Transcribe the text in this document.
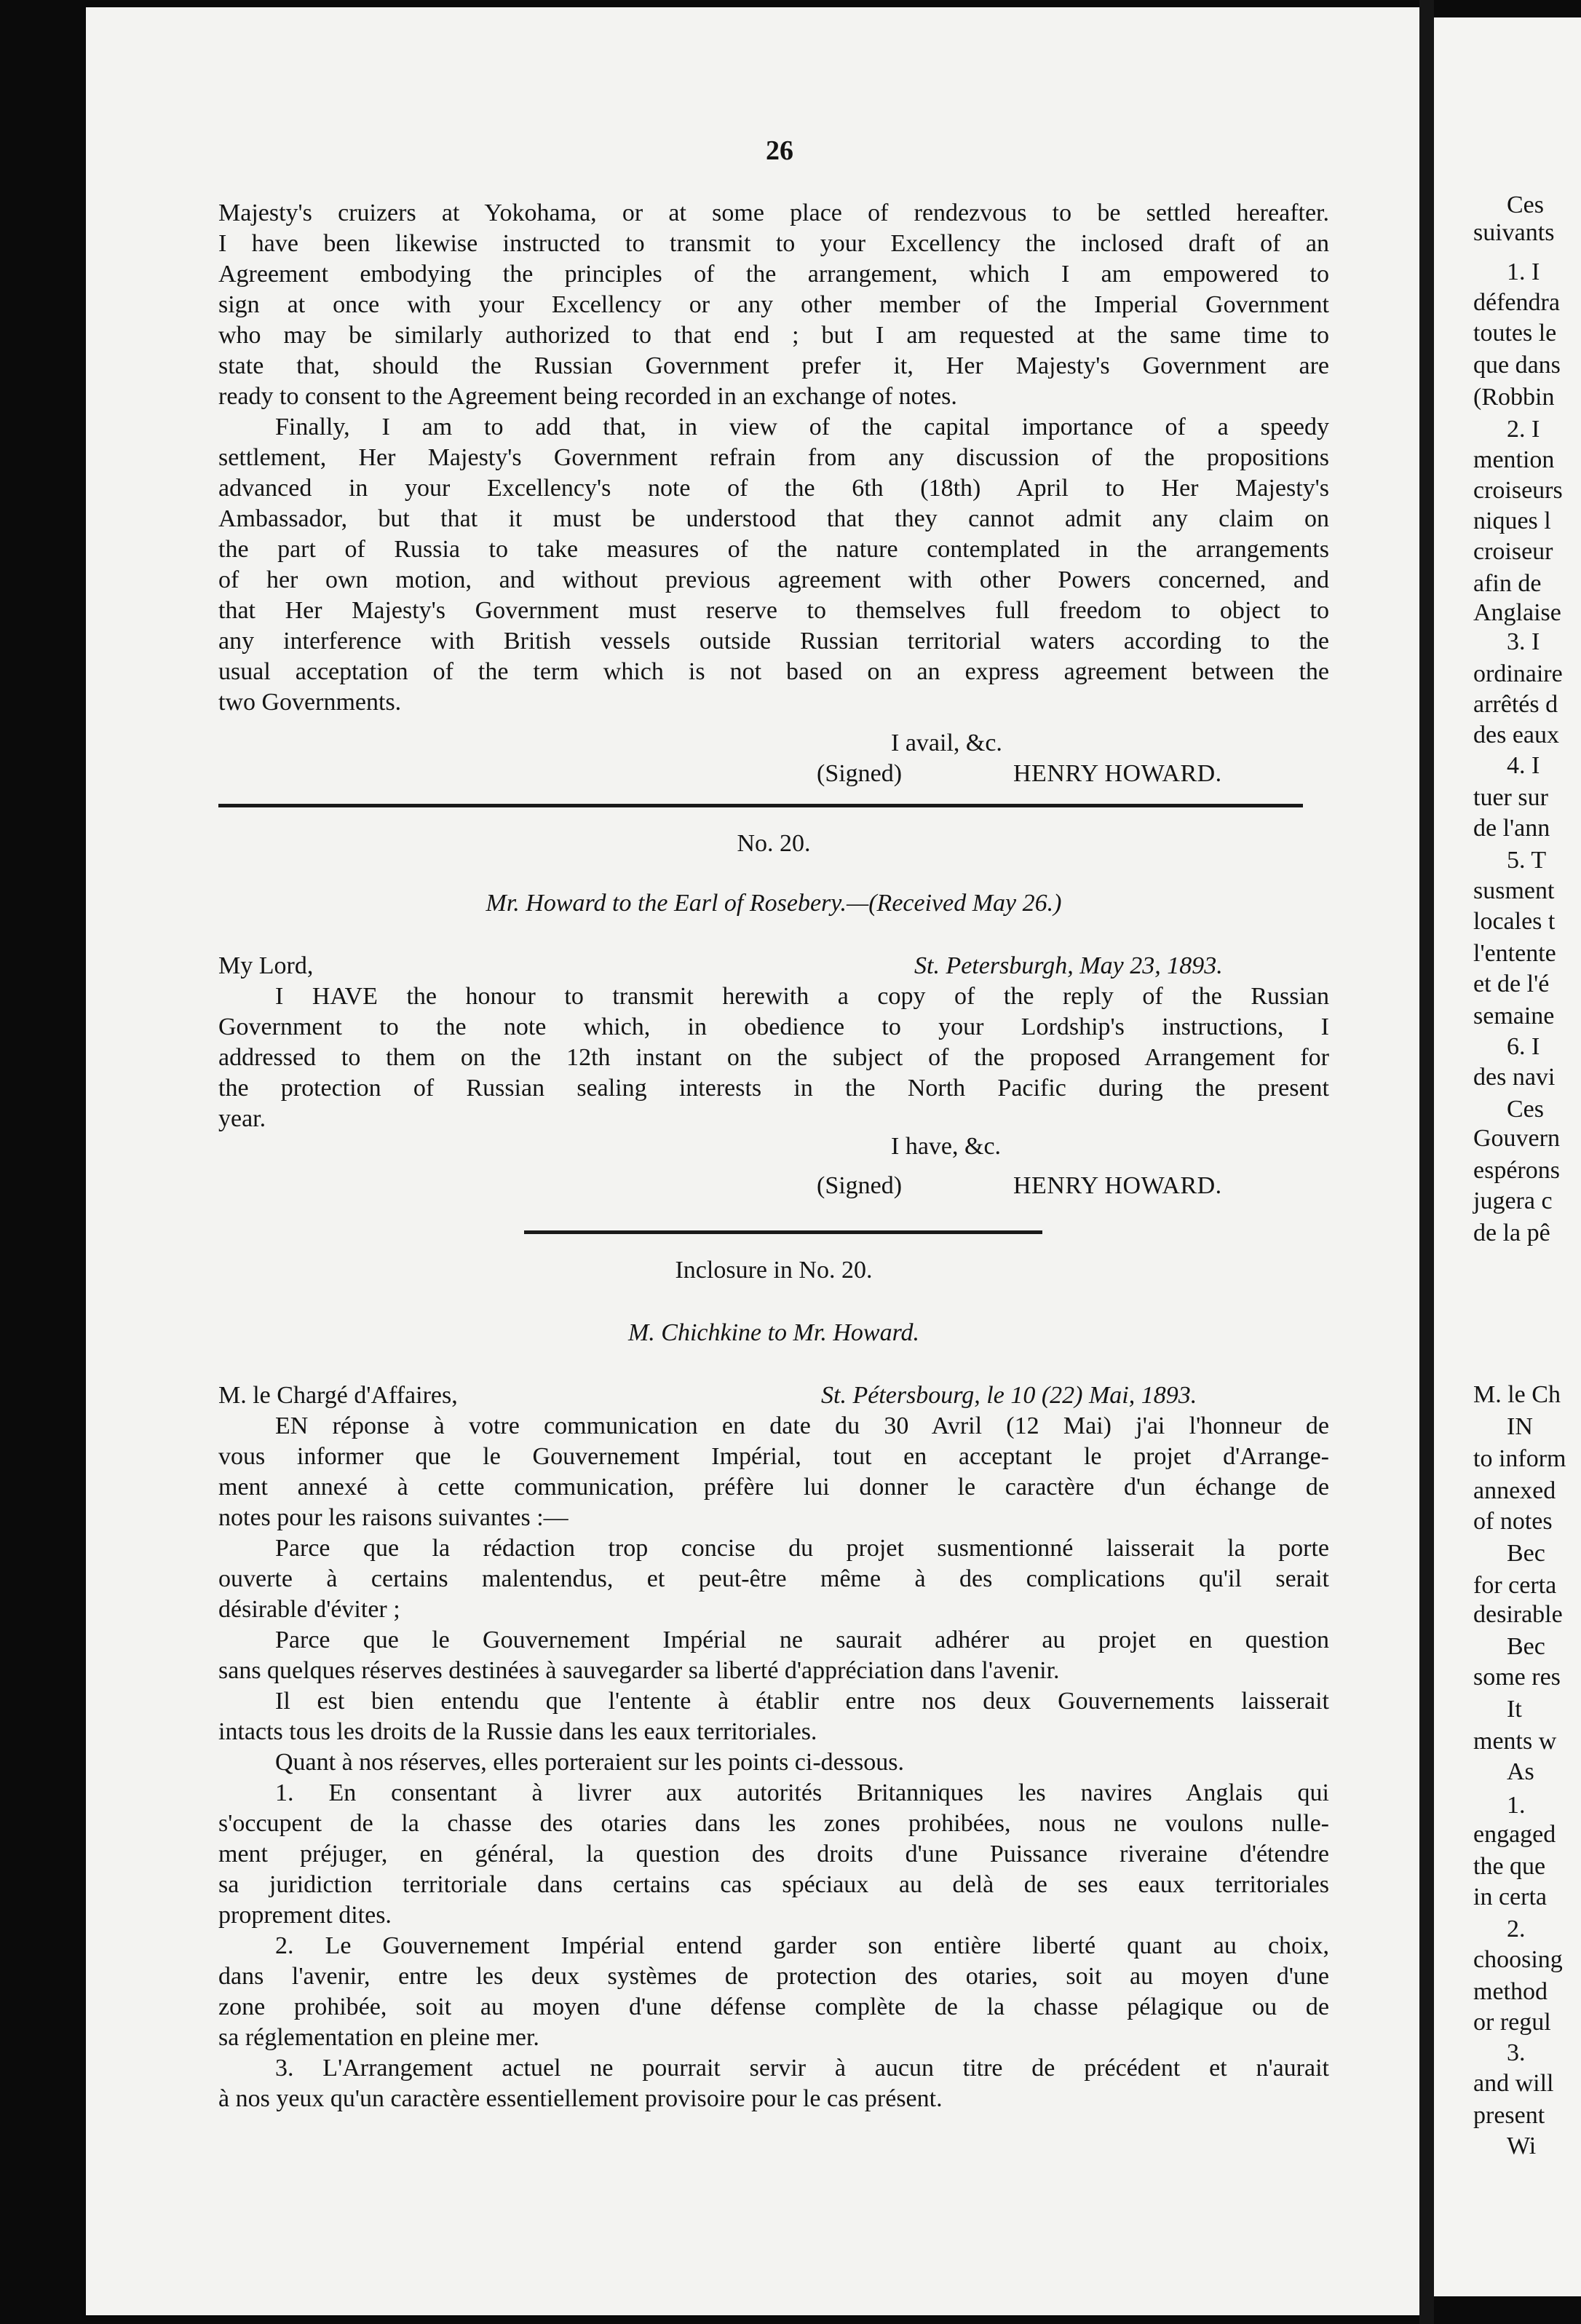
Ces
suivants
1. I
défendra
toutes le
que dans
(Robbin
2. I
mention
croiseurs
niques l
croiseur
afin de
Anglaise
3. I
ordinaire
arrêtés d
des eaux
4. I
tuer sur
de l'ann
5. T
susment
locales t
l'entente
et de l'é
semaine
6. I
des navi
Ces
Gouvern
espérons
jugera c
de la pê
M. le Ch
IN
to inform
annexed
of notes
Bec
for certa
desirable
Bec
some res
It
ments w
As
1.
engaged
the que
in certa
2.
choosing
method
or regul
3.
and will
present
Wi
26
Majesty's cruizers at Yokohama, or at some place of rendezvous to be settled hereafter.
I have been likewise instructed to transmit to your Excellency the inclosed draft of an
Agreement embodying the principles of the arrangement, which I am empowered to
sign at once with your Excellency or any other member of the Imperial Government
who may be similarly authorized to that end ; but I am requested at the same time to
state that, should the Russian Government prefer it, Her Majesty's Government are
ready to consent to the Agreement being recorded in an exchange of notes.
Finally, I am to add that, in view of the capital importance of a speedy
settlement, Her Majesty's Government refrain from any discussion of the propositions
advanced in your Excellency's note of the 6th (18th) April to Her Majesty's
Ambassador, but that it must be understood that they cannot admit any claim on
the part of Russia to take measures of the nature contemplated in the arrangements
of her own motion, and without previous agreement with other Powers concerned, and
that Her Majesty's Government must reserve to themselves full freedom to object to
any interference with British vessels outside Russian territorial waters according to the
usual acceptation of the term which is not based on an express agreement between the
two Governments.
I avail, &c.
(Signed)	HENRY HOWARD.
No. 20.
Mr. Howard to the Earl of Rosebery.—(Received May 26.)
My Lord,	St. Petersburgh, May 23, 1893.
I HAVE the honour to transmit herewith a copy of the reply of the Russian
Government to the note which, in obedience to your Lordship's instructions, I
addressed to them on the 12th instant on the subject of the proposed Arrangement for
the protection of Russian sealing interests in the North Pacific during the present
year.
I have, &c.
(Signed)	HENRY HOWARD.
Inclosure in No. 20.
M. Chichkine to Mr. Howard.
M. le Chargé d'Affaires,	St. Pétersbourg, le 10 (22) Mai, 1893.
EN réponse à votre communication en date du 30 Avril (12 Mai) j'ai l'honneur de
vous informer que le Gouvernement Impérial, tout en acceptant le projet d'Arrange-
ment annexé à cette communication, préfère lui donner le caractère d'un échange de
notes pour les raisons suivantes :—
Parce que la rédaction trop concise du projet susmentionné laisserait la porte
ouverte à certains malentendus, et peut-être même à des complications qu'il serait
désirable d'éviter ;
Parce que le Gouvernement Impérial ne saurait adhérer au projet en question
sans quelques réserves destinées à sauvegarder sa liberté d'appréciation dans l'avenir.
Il est bien entendu que l'entente à établir entre nos deux Gouvernements laisserait
intacts tous les droits de la Russie dans les eaux territoriales.
Quant à nos réserves, elles porteraient sur les points ci-dessous.
1. En consentant à livrer aux autorités Britanniques les navires Anglais qui
s'occupent de la chasse des otaries dans les zones prohibées, nous ne voulons nulle-
ment préjuger, en général, la question des droits d'une Puissance riveraine d'étendre
sa juridiction territoriale dans certains cas spéciaux au delà de ses eaux territoriales
proprement dites.
2. Le Gouvernement Impérial entend garder son entière liberté quant au choix,
dans l'avenir, entre les deux systèmes de protection des otaries, soit au moyen d'une
zone prohibée, soit au moyen d'une défense complète de la chasse pélagique ou de
sa réglementation en pleine mer.
3. L'Arrangement actuel ne pourrait servir à aucun titre de précédent et n'aurait
à nos yeux qu'un caractère essentiellement provisoire pour le cas présent.
